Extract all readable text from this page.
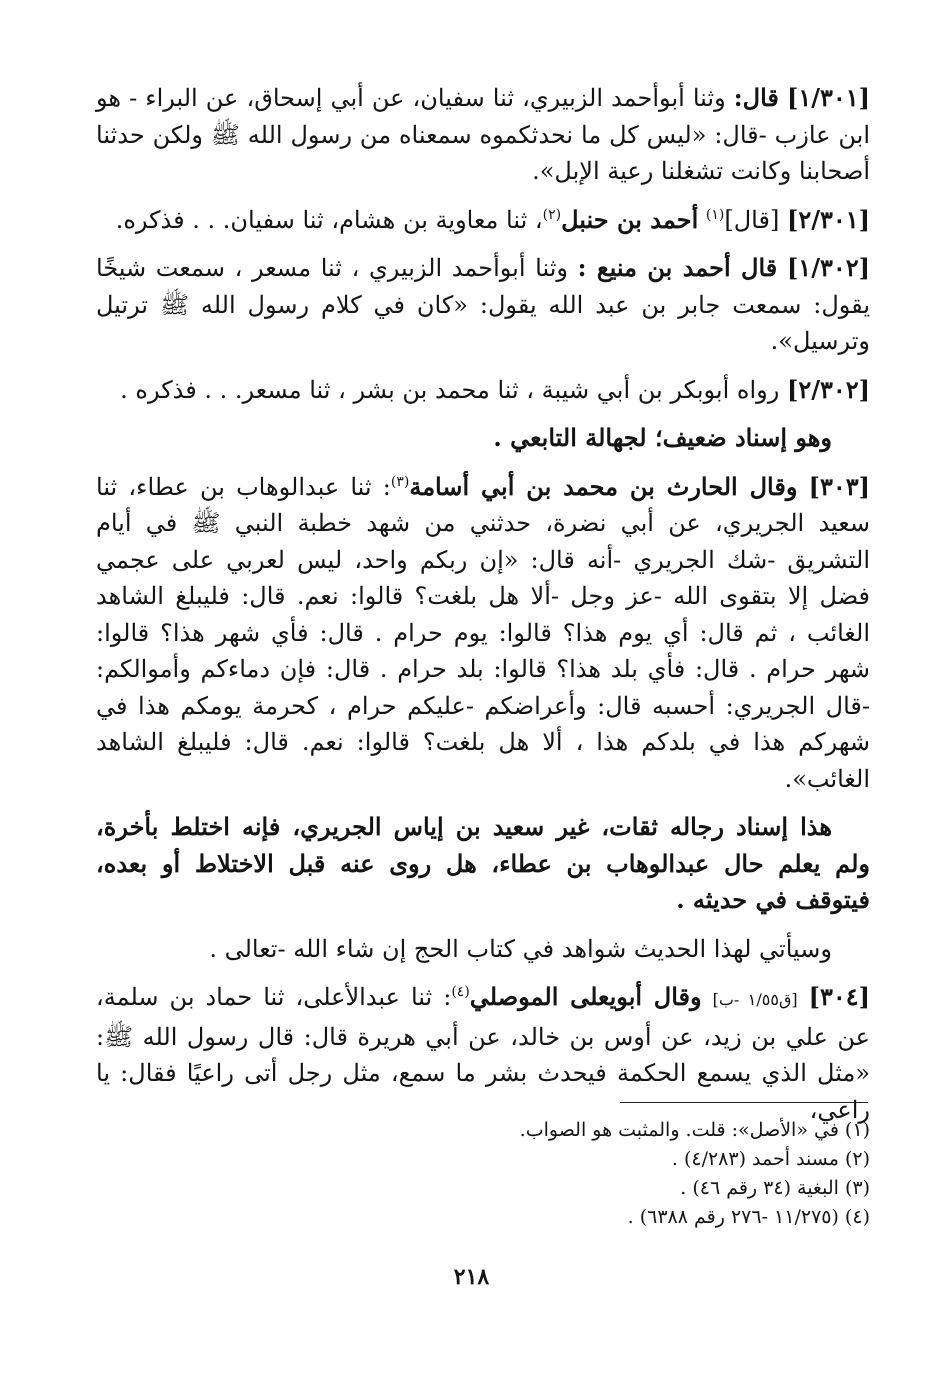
[١/٣٠١] قال: وثنا أبوأحمد الزبيري، ثنا سفيان، عن أبي إسحاق، عن البراء - هو ابن عازب -قال: «ليس كل ما نحدثكموه سمعناه من رسول الله ﷺ ولكن حدثنا أصحابنا وكانت تشغلنا رعية الإبل».

[٢/٣٠١] [قال]$^{(١)}$ أحمد بن حنبل$^{(٢)}$، ثنا معاوية بن هشام، ثنا سفيان. . . فذكره.

[١/٣٠٢] قال أحمد بن منيع : وثنا أبوأحمد الزبيري ، ثنا مسعر ، سمعت شيخًا يقول: سمعت جابر بن عبد الله يقول: «كان في كلام رسول الله ﷺ ترتيل وترسيل».

[٢/٣٠٢] رواه أبوبكر بن أبي شيبة ، ثنا محمد بن بشر ، ثنا مسعر. . . فذكره .

وهو إسناد ضعيف؛ لجهالة التابعي .

[٣٠٣] وقال الحارث بن محمد بن أبي أسامة$^{(٣)}$: ثنا عبدالوهاب بن عطاء، ثنا سعيد الجريري، عن أبي نضرة، حدثني من شهد خطبة النبي ﷺ في أيام التشريق -شك الجريري -أنه قال: «إن ربكم واحد، ليس لعربي على عجمي فضل إلا بتقوى الله -عز وجل -ألا هل بلغت؟ قالوا: نعم. قال: فليبلغ الشاهد الغائب ، ثم قال: أي يوم هذا؟ قالوا: يوم حرام . قال: فأي شهر هذا؟ قالوا: شهر حرام . قال: فأي بلد هذا؟ قالوا: بلد حرام . قال: فإن دماءكم وأموالكم: -قال الجريري: أحسبه قال: وأعراضكم -عليكم حرام ، كحرمة يومكم هذا في شهركم هذا في بلدكم هذا ، ألا هل بلغت؟ قالوا: نعم. قال: فليبلغ الشاهد الغائب».

هذا إسناد رجاله ثقات، غير سعيد بن إياس الجريري، فإنه اختلط بأخرة، ولم يعلم حال عبدالوهاب بن عطاء، هل روى عنه قبل الاختلاط أو بعده، فيتوقف في حديثه .

وسيأتي لهذا الحديث شواهد في كتاب الحج إن شاء الله -تعالى .

[٣٠٤] [ق١/٥٥ -ب] وقال أبويعلى الموصلي$^{(٤)}$: ثنا عبدالأعلى، ثنا حماد بن سلمة، عن علي بن زيد، عن أوس بن خالد، عن أبي هريرة قال: قال رسول الله ﷺ: «مثل الذي يسمع الحكمة فيحدث بشر ما سمع، مثل رجل أتى راعيًا فقال: يا راعي،

(١) في «الأصل»: قلت. والمثبت هو الصواب.

(٢) مسند أحمد (٤/٢٨٣) .

(٣) البغية (٣٤ رقم ٤٦) .

(٤) (١١/٢٧٥ -٢٧٦ رقم ٦٣٨٨) .

٢١٨
